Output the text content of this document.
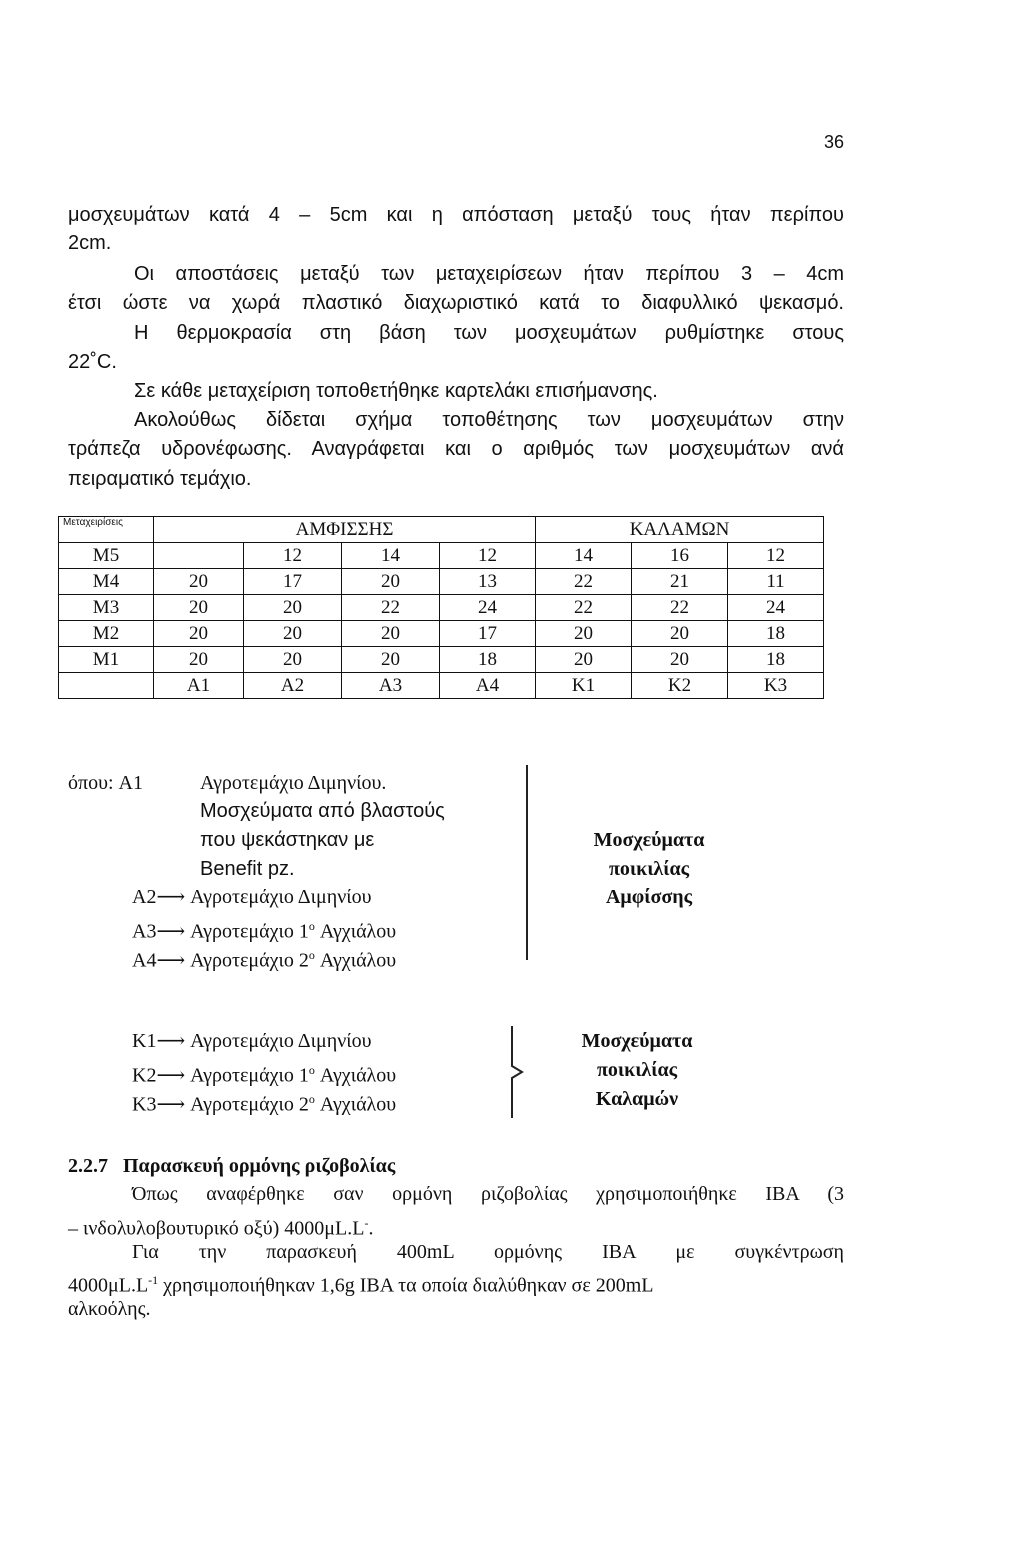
36
μοσχευμάτων κατά 4 – 5cm και η απόσταση μεταξύ τους ήταν περίπου
2cm.
Οι αποστάσεις μεταξύ των μεταχειρίσεων ήταν περίπου 3 – 4cm
έτσι ώστε να χωρά πλαστικό διαχωριστικό κατά το διαφυλλικό ψεκασμό.
Η θερμοκρασία στη βάση των μοσχευμάτων ρυθμίστηκε στους
22˚C.
Σε κάθε μεταχείριση τοποθετήθηκε καρτελάκι επισήμανσης.
Ακολούθως δίδεται σχήμα τοποθέτησης των μοσχευμάτων στην
τράπεζα υδρονέφωσης. Αναγράφεται και ο αριθμός των μοσχευμάτων ανά
πειραματικό τεμάχιο.
Μεταχειρίσεις	ΑΜΦΙΣΣΗΣ				ΚΑΛΑΜΩΝ		
M5		12	14	12	14	16	12
M4	20	17	20	13	22	21	11
M3	20	20	22	24	22	22	24
M2	20	20	20	17	20	20	18
M1	20	20	20	18	20	20	18
	A1	A2	A3	A4	K1	K2	K3
όπου: A1	Αγροτεμάχιο Διμηνίου.
Μοσχεύματα από βλαστούς
που ψεκάστηκαν με
Benefit pz.
A2⟶ Αγροτεμάχιο Διμηνίου
A3⟶ Αγροτεμάχιο 1$^o$ Αγχιάλου
A4⟶ Αγροτεμάχιο 2$^o$ Αγχιάλου
Μοσχεύματα
ποικιλίας
Αμφίσσης
K1⟶ Αγροτεμάχιο Διμηνίου
K2⟶ Αγροτεμάχιο 1$^o$ Αγχιάλου
K3⟶ Αγροτεμάχιο 2$^o$ Αγχιάλου
Μοσχεύματα
ποικιλίας
Καλαμών
2.2.7 Παρασκευή ορμόνης ριζοβολίας
Όπως αναφέρθηκε σαν ορμόνη ριζοβολίας χρησιμοποιήθηκε IBA (3
– ινδολυλοβουτυρικό οξύ) 4000μL.L-.
Για την παρασκευή 400mL ορμόνης IBA με συγκέντρωση
$4000\mu L.L^{-1}$ χρησιμοποιήθηκαν 1,6g IBA τα οποία διαλύθηκαν σε 200mL
αλκοόλης.
